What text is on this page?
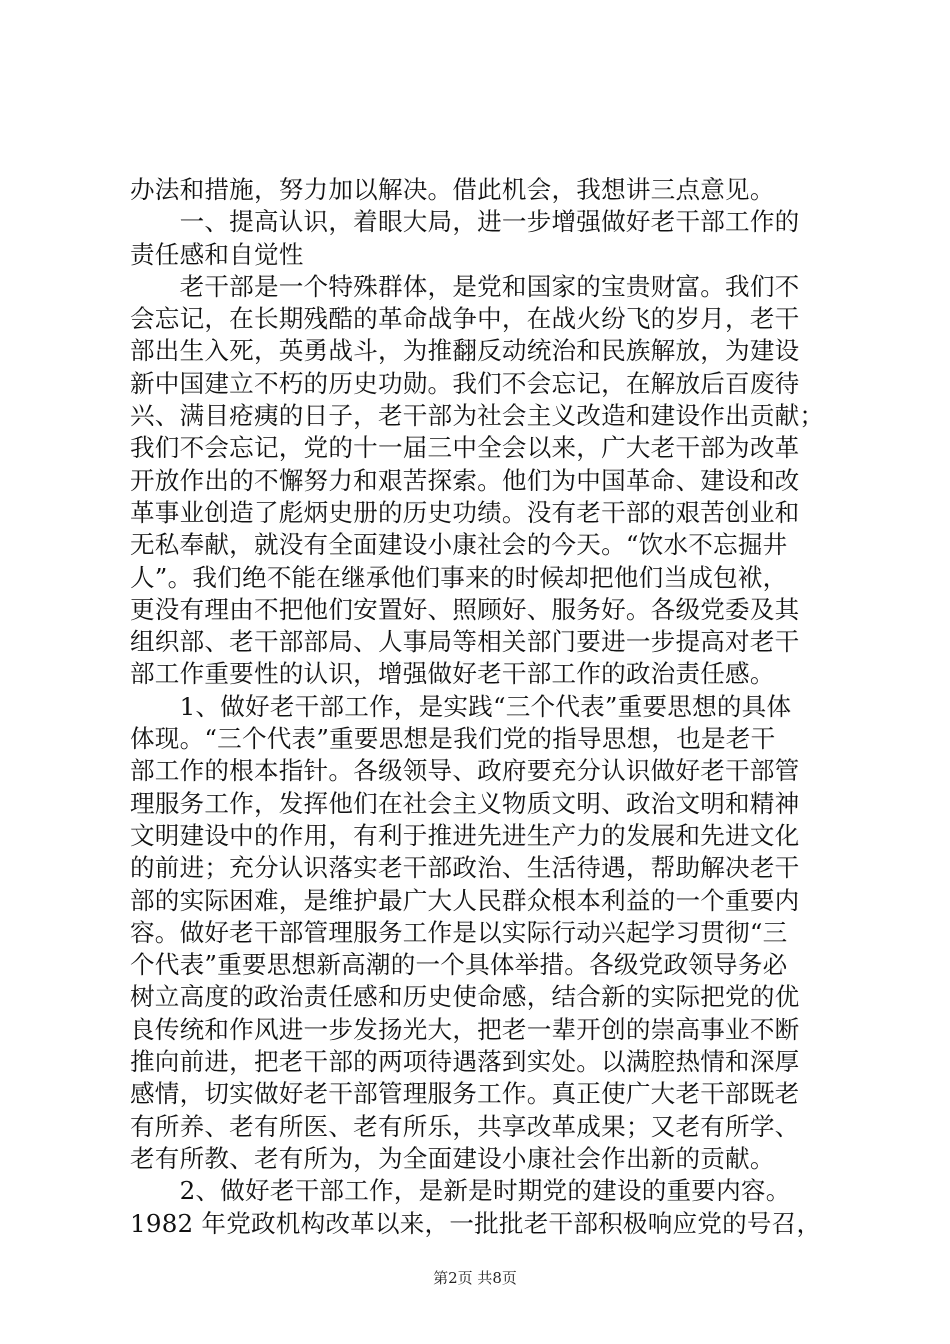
办法和措施，努力加以解决。借此机会，我想讲三点意见。
　　一、提高认识，着眼大局，进一步增强做好老干部工作的
责任感和自觉性
　　老干部是一个特殊群体，是党和国家的宝贵财富。我们不
会忘记，在长期残酷的革命战争中，在战火纷飞的岁月，老干
部出生入死，英勇战斗，为推翻反动统治和民族解放，为建设
新中国建立不朽的历史功勋。我们不会忘记，在解放后百废待
兴、满目疮痍的日子，老干部为社会主义改造和建设作出贡献；
我们不会忘记，党的十一届三中全会以来，广大老干部为改革
开放作出的不懈努力和艰苦探索。他们为中国革命、建设和改
革事业创造了彪炳史册的历史功绩。没有老干部的艰苦创业和
无私奉献，就没有全面建设小康社会的今天。“饮水不忘掘井
人”。我们绝不能在继承他们事来的时候却把他们当成包袱，
更没有理由不把他们安置好、照顾好、服务好。各级党委及其
组织部、老干部部局、人事局等相关部门要进一步提高对老干
部工作重要性的认识，增强做好老干部工作的政治责任感。
　　1、做好老干部工作，是实践“三个代表”重要思想的具体
体现。“三个代表”重要思想是我们党的指导思想，也是老干
部工作的根本指针。各级领导、政府要充分认识做好老干部管
理服务工作，发挥他们在社会主义物质文明、政治文明和精神
文明建设中的作用，有利于推进先进生产力的发展和先进文化
的前进；充分认识落实老干部政治、生活待遇，帮助解决老干
部的实际困难，是维护最广大人民群众根本利益的一个重要内
容。做好老干部管理服务工作是以实际行动兴起学习贯彻“三
个代表”重要思想新高潮的一个具体举措。各级党政领导务必
树立高度的政治责任感和历史使命感，结合新的实际把党的优
良传统和作风进一步发扬光大，把老一辈开创的崇高事业不断
推向前进，把老干部的两项待遇落到实处。以满腔热情和深厚
感情，切实做好老干部管理服务工作。真正使广大老干部既老
有所养、老有所医、老有所乐，共享改革成果；又老有所学、
老有所教、老有所为，为全面建设小康社会作出新的贡献。
　　2、做好老干部工作，是新是时期党的建设的重要内容。
1982 年党政机构改革以来，一批批老干部积极响应党的号召，
第2页 共8页
